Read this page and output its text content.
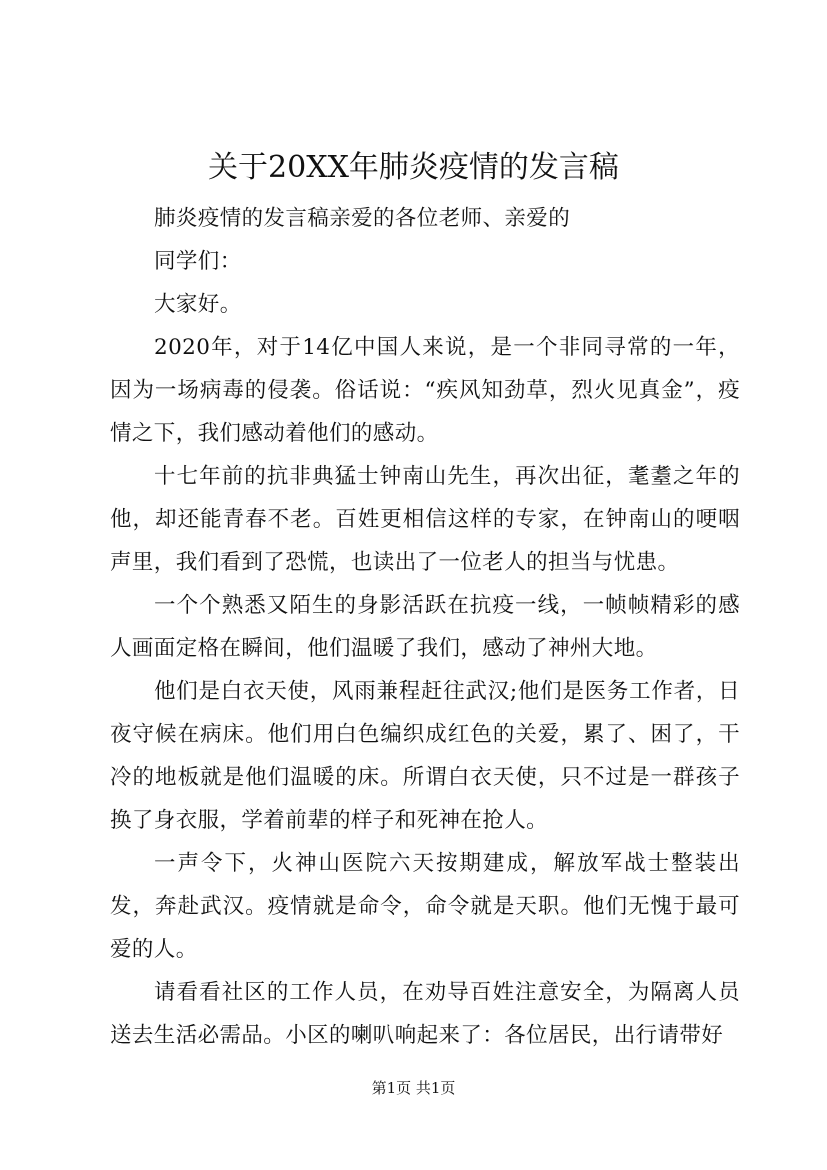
关于20XX年肺炎疫情的发言稿

肺炎疫情的发言稿亲爱的各位老师、亲爱的

同学们：

大家好。

2020年，对于14亿中国人来说，是一个非同寻常的一年，因为一场病毒的侵袭。俗话说：“疾风知劲草，烈火见真金”，疫情之下，我们感动着他们的感动。

十七年前的抗非典猛士钟南山先生，再次出征，耄耋之年的他，却还能青春不老。百姓更相信这样的专家，在钟南山的哽咽声里，我们看到了恐慌，也读出了一位老人的担当与忧患。

一个个熟悉又陌生的身影活跃在抗疫一线，一帧帧精彩的感人画面定格在瞬间，他们温暖了我们，感动了神州大地。

他们是白衣天使，风雨兼程赶往武汉;他们是医务工作者，日夜守候在病床。他们用白色编织成红色的关爱，累了、困了，干冷的地板就是他们温暖的床。所谓白衣天使，只不过是一群孩子换了身衣服，学着前辈的样子和死神在抢人。

一声令下，火神山医院六天按期建成，解放军战士整装出发，奔赴武汉。疫情就是命令，命令就是天职。他们无愧于最可爱的人。

请看看社区的工作人员，在劝导百姓注意安全，为隔离人员送去生活必需品。小区的喇叭响起来了：各位居民，出行请带好

第1页 共1页
